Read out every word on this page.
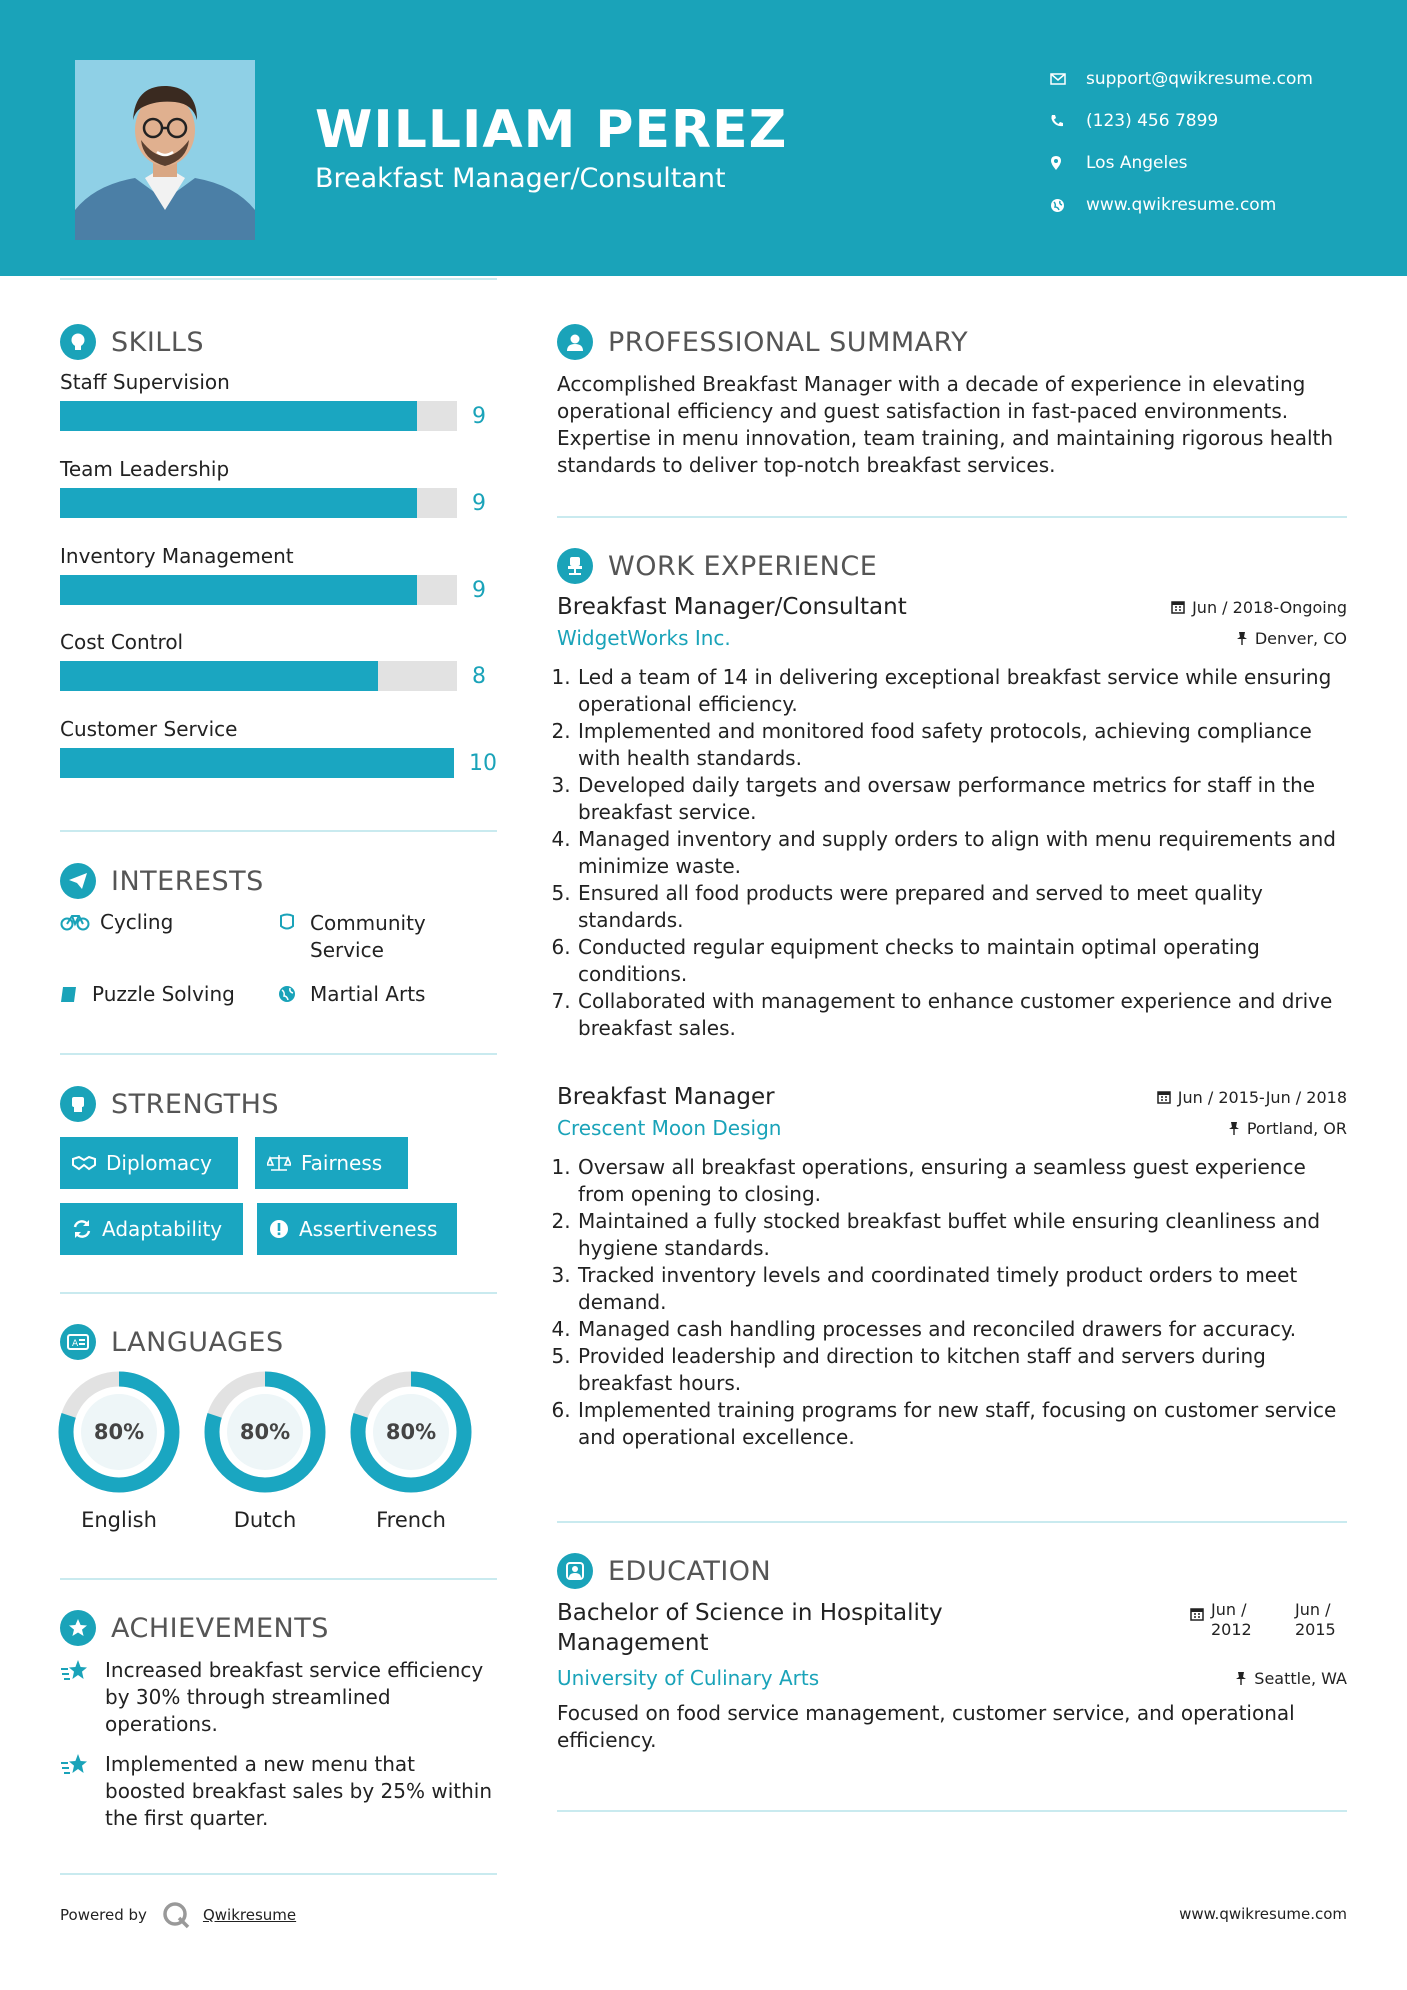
WILLIAM PEREZ
Breakfast Manager/Consultant
support@qwikresume.com
(123) 456 7899
Los Angeles
www.qwikresume.com
SKILLS
Staff Supervision
9
Team Leadership
9
Inventory Management
9
Cost Control
8
Customer Service
10
INTERESTS
Cycling	Community Service
Puzzle Solving	Martial Arts
STRENGTHS
Diplomacy	Fairness
Adaptability	Assertiveness
A LANGUAGES
80%
English
80%
Dutch
80%
French
ACHIEVEMENTS
Increased breakfast service efficiency by 30% through streamlined operations.
Implemented a new menu that boosted breakfast sales by 25% within the first quarter.
PROFESSIONAL SUMMARY
Accomplished Breakfast Manager with a decade of experience in elevating operational efficiency and guest satisfaction in fast-paced environments. Expertise in menu innovation, team training, and maintaining rigorous health standards to deliver top-notch breakfast services.
WORK EXPERIENCE
Breakfast Manager/Consultant	Jun / 2018-Ongoing
WidgetWorks Inc.	Denver, CO
1. Led a team of 14 in delivering exceptional breakfast service while ensuring operational efficiency.
2. Implemented and monitored food safety protocols, achieving compliance with health standards.
3. Developed daily targets and oversaw performance metrics for staff in the breakfast service.
4. Managed inventory and supply orders to align with menu requirements and minimize waste.
5. Ensured all food products were prepared and served to meet quality standards.
6. Conducted regular equipment checks to maintain optimal operating conditions.
7. Collaborated with management to enhance customer experience and drive breakfast sales.
Breakfast Manager	Jun / 2015-Jun / 2018
Crescent Moon Design	Portland, OR
1. Oversaw all breakfast operations, ensuring a seamless guest experience from opening to closing.
2. Maintained a fully stocked breakfast buffet while ensuring cleanliness and hygiene standards.
3. Tracked inventory levels and coordinated timely product orders to meet demand.
4. Managed cash handling processes and reconciled drawers for accuracy.
5. Provided leadership and direction to kitchen staff and servers during breakfast hours.
6. Implemented training programs for new staff, focusing on customer service and operational excellence.
EDUCATION
Bachelor of Science in Hospitality Management
Jun / 2012
Jun / 2015
University of Culinary Arts	Seattle, WA
Focused on food service management, customer service, and operational efficiency.
Powered by	Qwikresume	www.qwikresume.com
